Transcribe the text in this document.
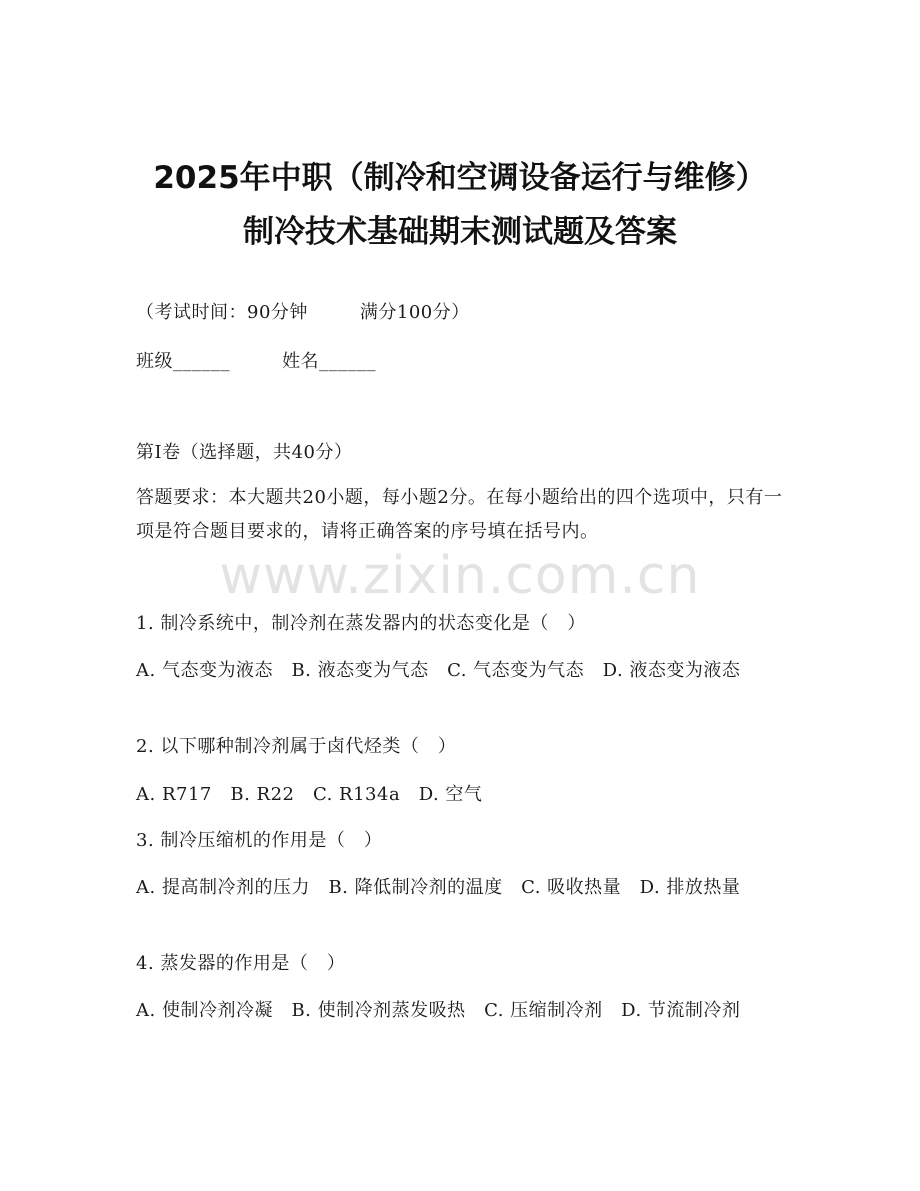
2025年中职（制冷和空调设备运行与维修）
制冷技术基础期末测试题及答案
（考试时间：90分钟	满分100分）
班级______	姓名______
第I卷（选择题，共40分）
答题要求：本大题共20小题，每小题2分。在每小题给出的四个选项中，只有一项是符合题目要求的，请将正确答案的序号填在括号内。
www.zixin.com.cn
1. 制冷系统中，制冷剂在蒸发器内的状态变化是（　）
A. 气态变为液态　B. 液态变为气态　C. 气态变为气态　D. 液态变为液态
2. 以下哪种制冷剂属于卤代烃类（　）
A. R717　B. R22　C. R134a　D. 空气
3. 制冷压缩机的作用是（　）
A. 提高制冷剂的压力　B. 降低制冷剂的温度　C. 吸收热量　D. 排放热量
4. 蒸发器的作用是（　）
A. 使制冷剂冷凝　B. 使制冷剂蒸发吸热　C. 压缩制冷剂　D. 节流制冷剂
